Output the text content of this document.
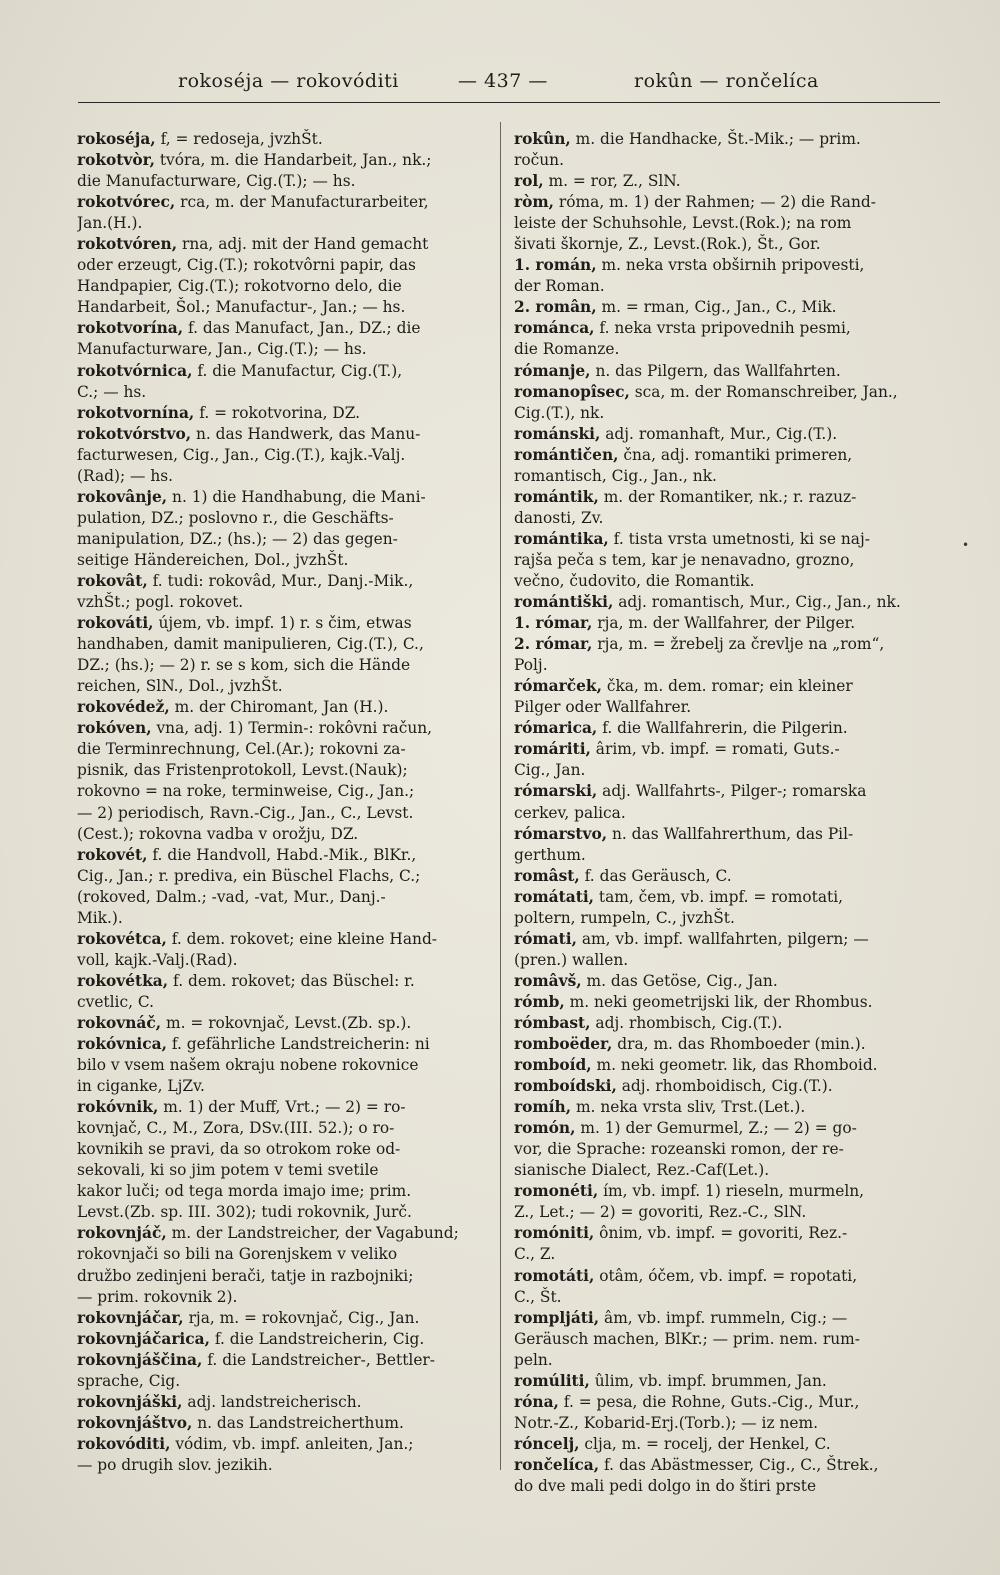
rokoséja — rokovóditi	— 437 —	rokûn — rončelíca
rokoséja, f, = redoseja, jvzhŠt.
rokotvòr, tvóra, m. die Handarbeit, Jan., nk.;
die Manufacturware, Cig.(T.); — hs.
rokotvórec, rca, m. der Manufacturarbeiter,
Jan.(H.).
rokotvóren, rna, adj. mit der Hand gemacht
oder erzeugt, Cig.(T.); rokotvôrni papir, das
Handpapier, Cig.(T.); rokotvorno delo, die
Handarbeit, Šol.; Manufactur-, Jan.; — hs.
rokotvorína, f. das Manufact, Jan., DZ.; die
Manufacturware, Jan., Cig.(T.); — hs.
rokotvórnica, f. die Manufactur, Cig.(T.),
C.; — hs.
rokotvornína, f. = rokotvorina, DZ.
rokotvórstvo, n. das Handwerk, das Manu-
facturwesen, Cig., Jan., Cig.(T.), kajk.-Valj.
(Rad); — hs.
rokovânje, n. 1) die Handhabung, die Mani-
pulation, DZ.; poslovno r., die Geschäfts-
manipulation, DZ.; (hs.); — 2) das gegen-
seitige Händereichen, Dol., jvzhŠt.
rokovât, f. tudi: rokovâd, Mur., Danj.-Mik.,
vzhŠt.; pogl. rokovet.
rokováti, újem, vb. impf. 1) r. s čim, etwas
handhaben, damit manipulieren, Cig.(T.), C.,
DZ.; (hs.); — 2) r. se s kom, sich die Hände
reichen, SlN., Dol., jvzhŠt.
rokovédež, m. der Chiromant, Jan (H.).
rokóven, vna, adj. 1) Termin-: rokôvni račun,
die Terminrechnung, Cel.(Ar.); rokovni za-
pisnik, das Fristenprotokoll, Levst.(Nauk);
rokovno = na roke, terminweise, Cig., Jan.;
— 2) periodisch, Ravn.-Cig., Jan., C., Levst.
(Cest.); rokovna vadba v orožju, DZ.
rokovét, f. die Handvoll, Habd.-Mik., BlKr.,
Cig., Jan.; r. prediva, ein Büschel Flachs, C.;
(rokoved, Dalm.; -vad, -vat, Mur., Danj.-
Mik.).
rokovétca, f. dem. rokovet; eine kleine Hand-
voll, kajk.-Valj.(Rad).
rokovétka, f. dem. rokovet; das Büschel: r.
cvetlic, C.
rokovnáč, m. = rokovnjač, Levst.(Zb. sp.).
rokóvnica, f. gefährliche Landstreicherin: ni
bilo v vsem našem okraju nobene rokovnice
in ciganke, LjZv.
rokóvnik, m. 1) der Muff, Vrt.; — 2) = ro-
kovnjač, C., M., Zora, DSv.(III. 52.); o ro-
kovnikih se pravi, da so otrokom roke od-
sekovali, ki so jim potem v temi svetile
kakor luči; od tega morda imajo ime; prim.
Levst.(Zb. sp. III. 302); tudi rokovnik, Jurč.
rokovnjáč, m. der Landstreicher, der Vagabund;
rokovnjači so bili na Gorenjskem v veliko
družbo zedinjeni berači, tatje in razbojniki;
— prim. rokovnik 2).
rokovnjáčar, rja, m. = rokovnjač, Cig., Jan.
rokovnjáčarica, f. die Landstreicherin, Cig.
rokovnjáščina, f. die Landstreicher-, Bettler-
sprache, Cig.
rokovnjáški, adj. landstreicherisch.
rokovnjáštvo, n. das Landstreicherthum.
rokovóditi, vódim, vb. impf. anleiten, Jan.;
— po drugih slov. jezikih.
rokûn, m. die Handhacke, Št.-Mik.; — prim.
ročun.
rol, m. = ror, Z., SlN.
ròm, róma, m. 1) der Rahmen; — 2) die Rand-
leiste der Schuhsohle, Levst.(Rok.); na rom
šivati škornje, Z., Levst.(Rok.), Št., Gor.
1. román, m. neka vrsta obširnih pripovesti,
der Roman.
2. român, m. = rman, Cig., Jan., C., Mik.
románca, f. neka vrsta pripovednih pesmi,
die Romanze.
rómanje, n. das Pilgern, das Wallfahrten.
romanopîsec, sca, m. der Romanschreiber, Jan.,
Cig.(T.), nk.
románski, adj. romanhaft, Mur., Cig.(T.).
romántičen, čna, adj. romantiki primeren,
romantisch, Cig., Jan., nk.
romántik, m. der Romantiker, nk.; r. razuz-
danosti, Zv.
romántika, f. tista vrsta umetnosti, ki se naj-
rajša peča s tem, kar je nenavadno, grozno,
večno, čudovito, die Romantik.
romántiški, adj. romantisch, Mur., Cig., Jan., nk.
1. rómar, rja, m. der Wallfahrer, der Pilger.
2. rómar, rja, m. = žrebelj za črevlje na „rom“,
Polj.
rómarček, čka, m. dem. romar; ein kleiner
Pilger oder Wallfahrer.
rómarica, f. die Wallfahrerin, die Pilgerin.
romáriti, ârim, vb. impf. = romati, Guts.-
Cig., Jan.
rómarski, adj. Wallfahrts-, Pilger-; romarska
cerkev, palica.
rómarstvo, n. das Wallfahrerthum, das Pil-
gerthum.
româst, f. das Geräusch, C.
romátati, tam, čem, vb. impf. = romotati,
poltern, rumpeln, C., jvzhŠt.
rómati, am, vb. impf. wallfahrten, pilgern; —
(pren.) wallen.
româvš, m. das Getöse, Cig., Jan.
rómb, m. neki geometrijski lik, der Rhombus.
rómbast, adj. rhombisch, Cig.(T.).
romboëder, dra, m. das Rhomboeder (min.).
romboíd, m. neki geometr. lik, das Rhomboid.
romboídski, adj. rhomboidisch, Cig.(T.).
romíh, m. neka vrsta sliv, Trst.(Let.).
romón, m. 1) der Gemurmel, Z.; — 2) = go-
vor, die Sprache: rozeanski romon, der re-
sianische Dialect, Rez.-Caf(Let.).
romonéti, ím, vb. impf. 1) rieseln, murmeln,
Z., Let.; — 2) = govoriti, Rez.-C., SlN.
romóniti, ônim, vb. impf. = govoriti, Rez.-
C., Z.
romotáti, otâm, óčem, vb. impf. = ropotati,
C., Št.
rompljáti, âm, vb. impf. rummeln, Cig.; —
Geräusch machen, BlKr.; — prim. nem. rum-
peln.
romúliti, ûlim, vb. impf. brummen, Jan.
róna, f. = pesa, die Rohne, Guts.-Cig., Mur.,
Notr.-Z., Kobarid-Erj.(Torb.); — iz nem.
róncelj, clja, m. = rocelj, der Henkel, C.
rončelíca, f. das Abästmesser, Cig., C., Štrek.,
do dve mali pedi dolgo in do štiri prste
•
